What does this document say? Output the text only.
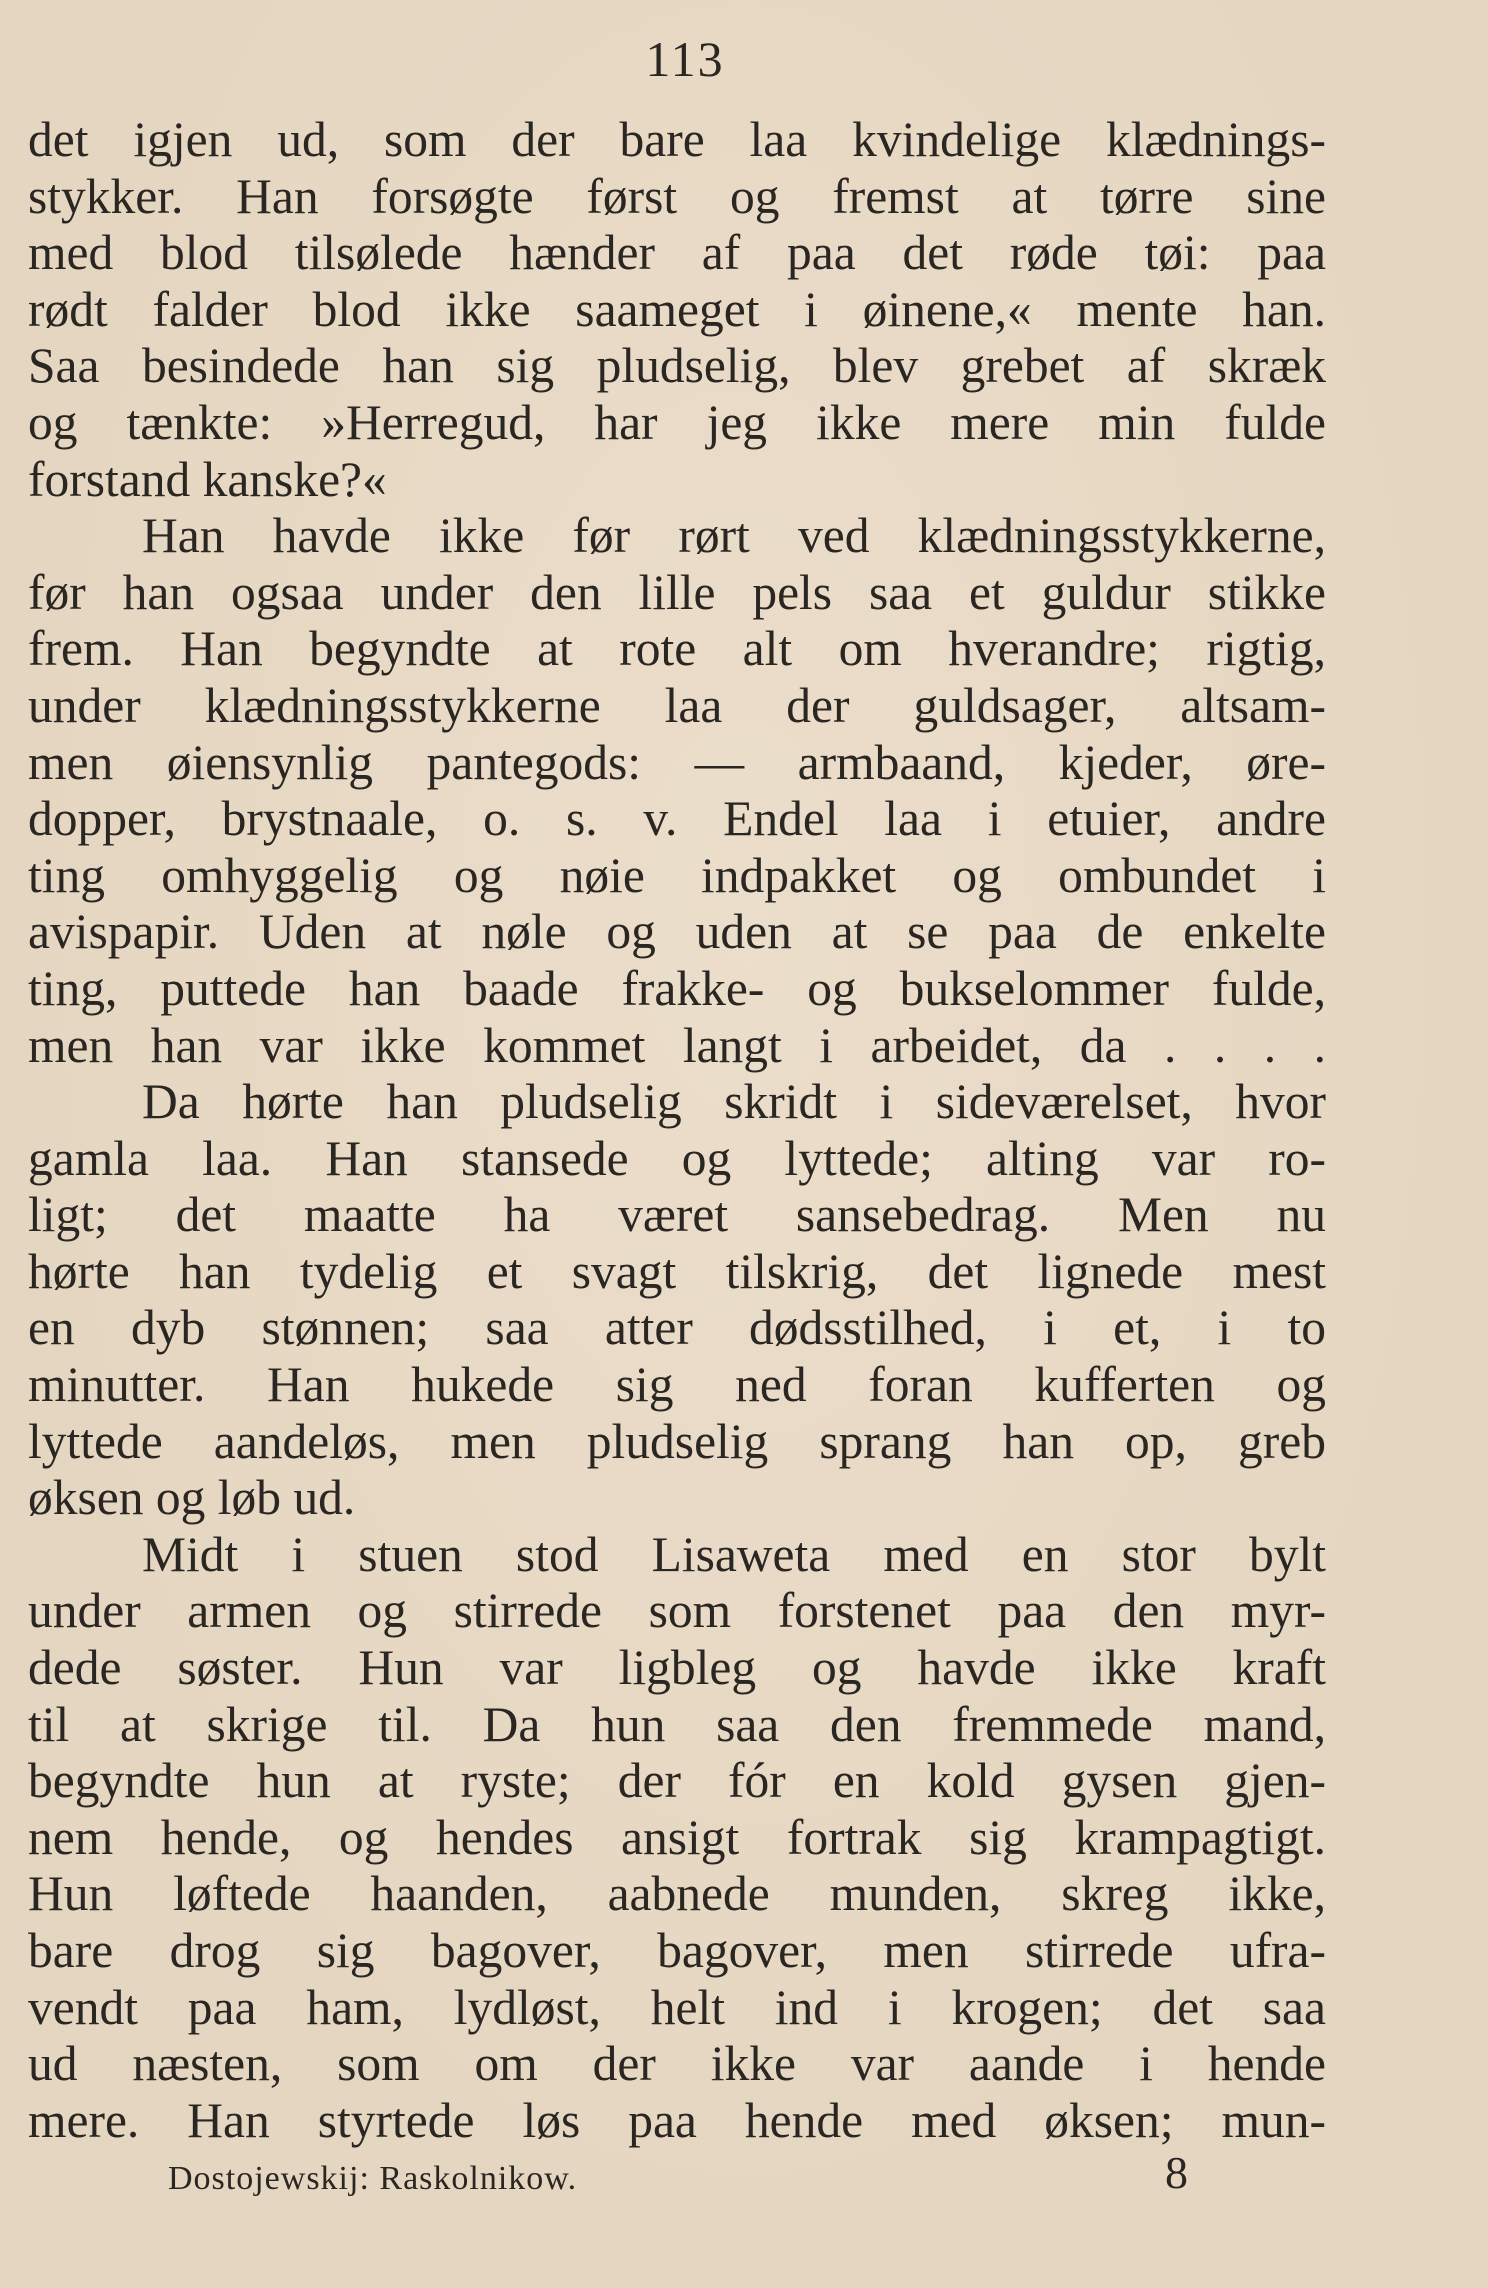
113
det igjen ud, som der bare laa kvindelige klædnings-
stykker. Han forsøgte først og fremst at tørre sine
med blod tilsølede hænder af paa det røde tøi: paa
rødt falder blod ikke saameget i øinene,« mente han.
Saa besindede han sig pludselig, blev grebet af skræk
og tænkte: »Herregud, har jeg ikke mere min fulde
forstand kanske?«
Han havde ikke før rørt ved klædningsstykkerne,
før han ogsaa under den lille pels saa et guldur stikke
frem. Han begyndte at rote alt om hverandre; rigtig,
under klædningsstykkerne laa der guldsager, altsam-
men øiensynlig pantegods: — armbaand, kjeder, øre-
dopper, brystnaale, o. s. v. Endel laa i etuier, andre
ting omhyggelig og nøie indpakket og ombundet i
avispapir. Uden at nøle og uden at se paa de enkelte
ting, puttede han baade frakke- og bukselommer fulde,
men han var ikke kommet langt i arbeidet, da . . . .
Da hørte han pludselig skridt i sideværelset, hvor
gamla laa. Han stansede og lyttede; alting var ro-
ligt; det maatte ha været sansebedrag. Men nu
hørte han tydelig et svagt tilskrig, det lignede mest
en dyb stønnen; saa atter dødsstilhed, i et, i to
minutter. Han hukede sig ned foran kufferten og
lyttede aandeløs, men pludselig sprang han op, greb
øksen og løb ud.
Midt i stuen stod Lisaweta med en stor bylt
under armen og stirrede som forstenet paa den myr-
dede søster. Hun var ligbleg og havde ikke kraft
til at skrige til. Da hun saa den fremmede mand,
begyndte hun at ryste; der fór en kold gysen gjen-
nem hende, og hendes ansigt fortrak sig krampagtigt.
Hun løftede haanden, aabnede munden, skreg ikke,
bare drog sig bagover, bagover, men stirrede ufra-
vendt paa ham, lydløst, helt ind i krogen; det saa
ud næsten, som om der ikke var aande i hende
mere. Han styrtede løs paa hende med øksen; mun-
Dostojewskij: Raskolnikow.	8
